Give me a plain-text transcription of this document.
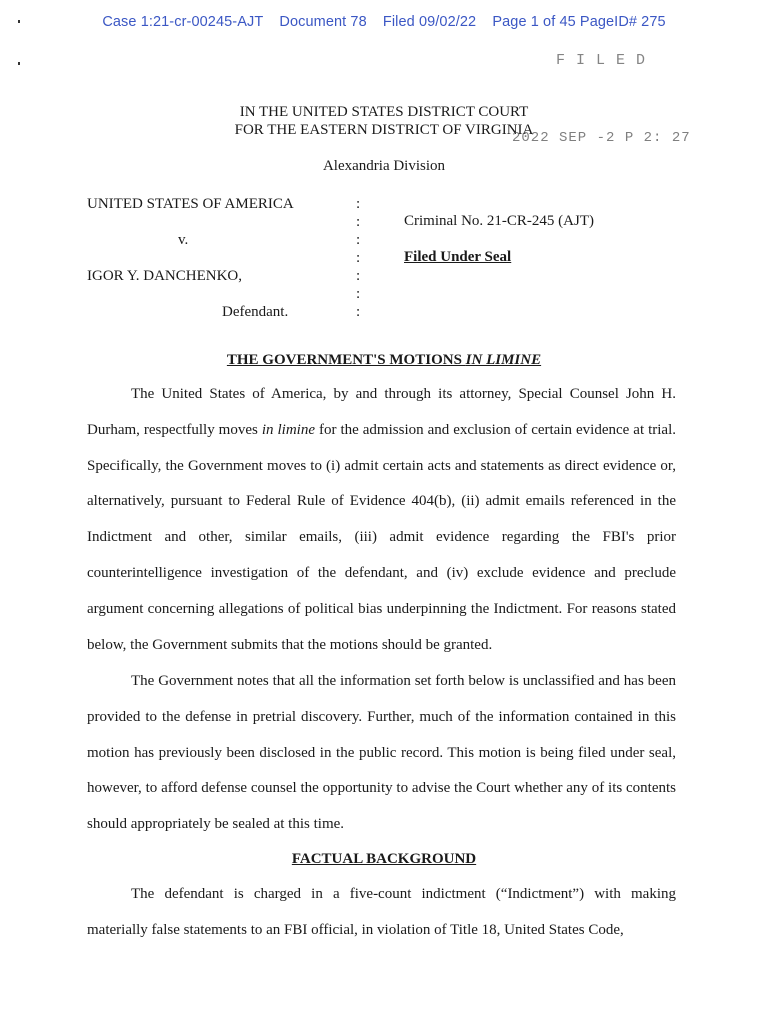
Case 1:21-cr-00245-AJT Document 78 Filed 09/02/22 Page 1 of 45 PageID# 275
F I L E D
IN THE UNITED STATES DISTRICT COURT
FOR THE EASTERN DISTRICT OF VIRGINIA
2022 SEP -2 P 2: 27
Alexandria Division
UNITED STATES OF AMERICA
v.
IGOR Y. DANCHENKO,
Defendant.
:
:
:
:
:
:
:
Criminal No. 21-CR-245 (AJT)
Filed Under Seal
THE GOVERNMENT'S MOTIONS IN LIMINE

The United States of America, by and through its attorney, Special Counsel John H. Durham, respectfully moves in limine for the admission and exclusion of certain evidence at trial. Specifically, the Government moves to (i) admit certain acts and statements as direct evidence or, alternatively, pursuant to Federal Rule of Evidence 404(b), (ii) admit emails referenced in the Indictment and other, similar emails, (iii) admit evidence regarding the FBI's prior counterintelligence investigation of the defendant, and (iv) exclude evidence and preclude argument concerning allegations of political bias underpinning the Indictment. For reasons stated below, the Government submits that the motions should be granted.

The Government notes that all the information set forth below is unclassified and has been provided to the defense in pretrial discovery. Further, much of the information contained in this motion has previously been disclosed in the public record. This motion is being filed under seal, however, to afford defense counsel the opportunity to advise the Court whether any of its contents should appropriately be sealed at this time.

FACTUAL BACKGROUND

The defendant is charged in a five-count indictment (“Indictment”) with making materially false statements to an FBI official, in violation of Title 18, United States Code,
